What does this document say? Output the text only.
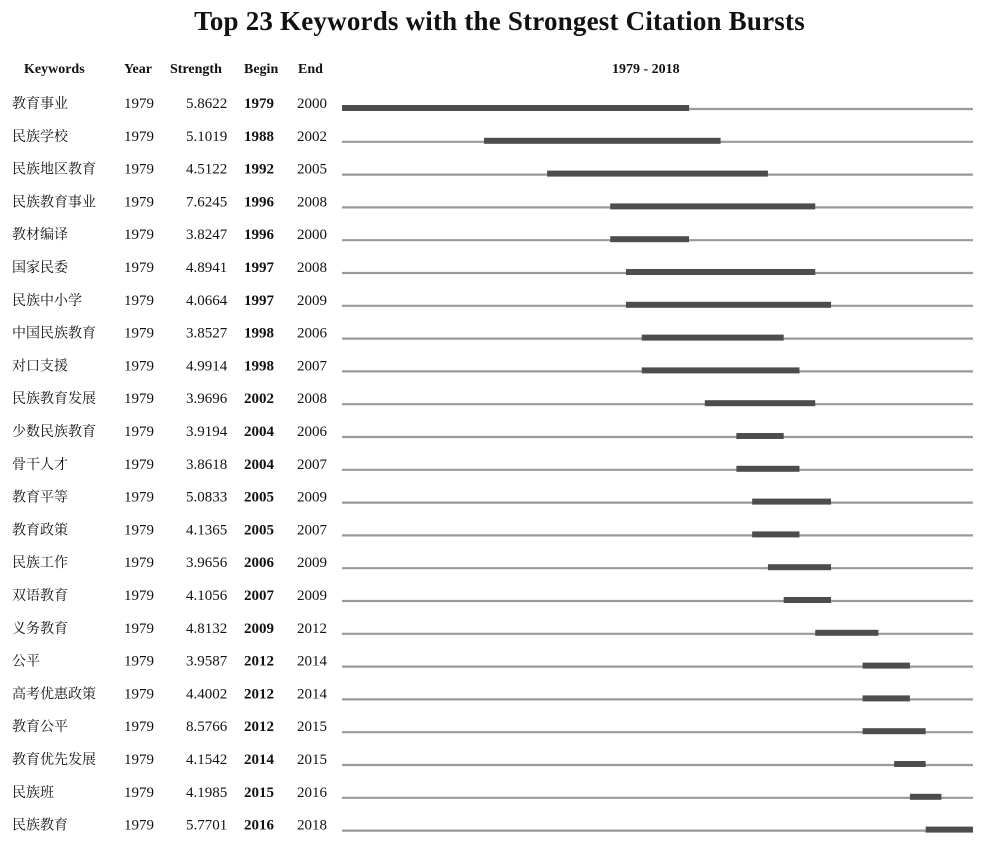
Top 23 Keywords with the Strongest Citation Bursts
Keywords	Year Strength Begin End	1979 - 2018
教育事业	1979 5.8622 1979 2000
民族学校	1979 5.1019 1988 2002
民族地区教育 1979 4.5122 1992 2005
民族教育事业 1979 7.6245 1996 2008
教材编译	1979 3.8247 1996 2000
国家民委	1979 4.8941 1997 2008
民族中小学	1979 4.0664 1997 2009
中国民族教育 1979 3.8527 1998 2006
对口支援	1979 4.9914 1998 2007
民族教育发展 1979 3.9696 2002 2008
少数民族教育 1979 3.9194 2004 2006
骨干人才	1979 3.8618 2004 2007
教育平等	1979 5.0833 2005 2009
教育政策	1979 4.1365 2005 2007
民族工作	1979 3.9656 2006 2009
双语教育	1979 4.1056 2007 2009
义务教育	1979 4.8132 2009 2012
公平	1979 3.9587 2012 2014
高考优惠政策 1979 4.4002 2012 2014
教育公平	1979 8.5766 2012 2015
教育优先发展 1979 4.1542 2014 2015
民族班	1979 4.1985 2015 2016
民族教育	1979 5.7701 2016 2018
